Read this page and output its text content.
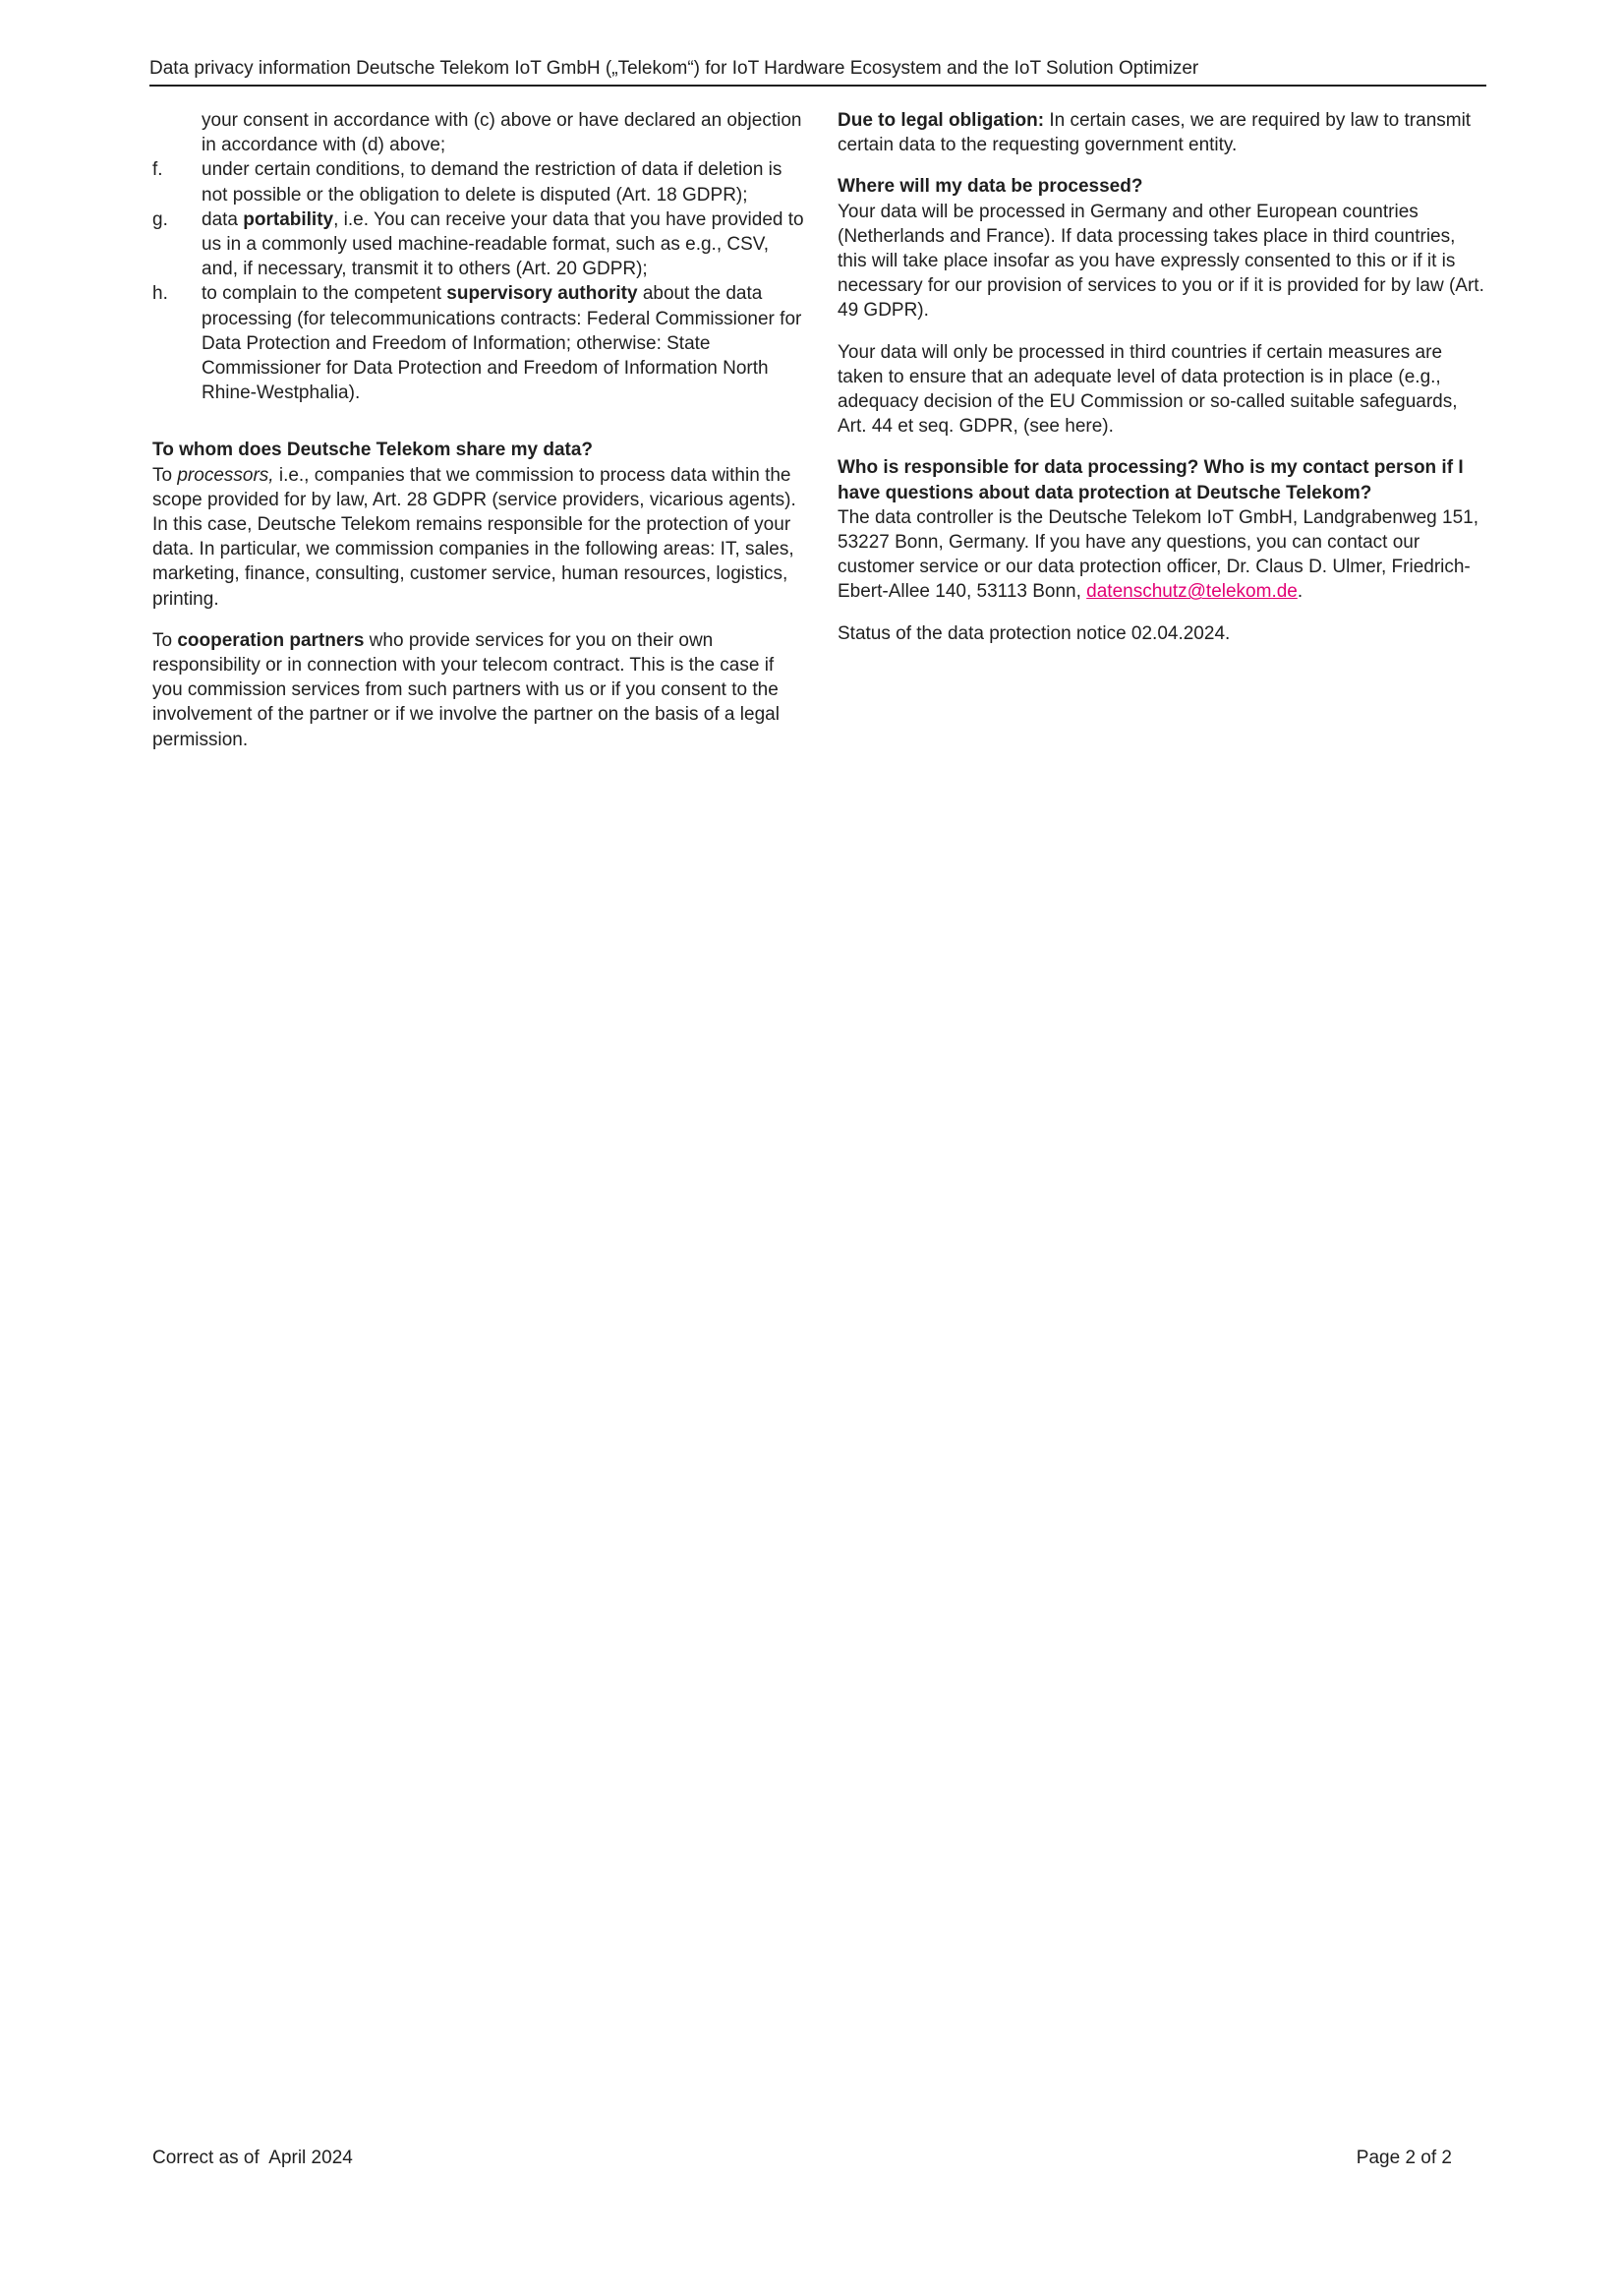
Data privacy information Deutsche Telekom IoT GmbH („Telekom“) for IoT Hardware Ecosystem and the IoT Solution Optimizer

your consent in accordance with (c) above or have declared an objection in accordance with (d) above;

f.	under certain conditions, to demand the restriction of data if deletion is not possible or the obligation to delete is disputed (Art. 18 GDPR);
g.	data portability, i.e. You can receive your data that you have provided to us in a commonly used machine-readable format, such as e.g., CSV, and, if necessary, transmit it to others (Art. 20 GDPR);
h.	to complain to the competent supervisory authority about the data processing (for telecommunications contracts: Federal Commissioner for Data Protection and Freedom of Information; otherwise: State Commissioner for Data Protection and Freedom of Information North Rhine-Westphalia).
To whom does Deutsche Telekom share my data?

To processors, i.e., companies that we commission to process data within the scope provided for by law, Art. 28 GDPR (service providers, vicarious agents). In this case, Deutsche Telekom remains responsible for the protection of your data. In particular, we commission companies in the following areas: IT, sales, marketing, finance, consulting, customer service, human resources, logistics, printing.

To cooperation partners who provide services for you on their own responsibility or in connection with your telecom contract. This is the case if you commission services from such partners with us or if you consent to the involvement of the partner or if we involve the partner on the basis of a legal permission.

Due to legal obligation: In certain cases, we are required by law to transmit certain data to the requesting government entity.

Where will my data be processed?

Your data will be processed in Germany and other European countries (Netherlands and France). If data processing takes place in third countries, this will take place insofar as you have expressly consented to this or if it is necessary for our provision of services to you or if it is provided for by law (Art. 49 GDPR).

Your data will only be processed in third countries if certain measures are taken to ensure that an adequate level of data protection is in place (e.g., adequacy decision of the EU Commission or so-called suitable safeguards, Art. 44 et seq. GDPR, (see here).

Who is responsible for data processing? Who is my contact person if I have questions about data protection at Deutsche Telekom?

The data controller is the Deutsche Telekom IoT GmbH, Landgrabenweg 151, 53227 Bonn, Germany. If you have any questions, you can contact our customer service or our data protection officer, Dr. Claus D. Ulmer, Friedrich-Ebert-Allee 140, 53113 Bonn, datenschutz@telekom.de.

Status of the data protection notice 02.04.2024.

Correct as of  April 2024	Page 2 of 2
